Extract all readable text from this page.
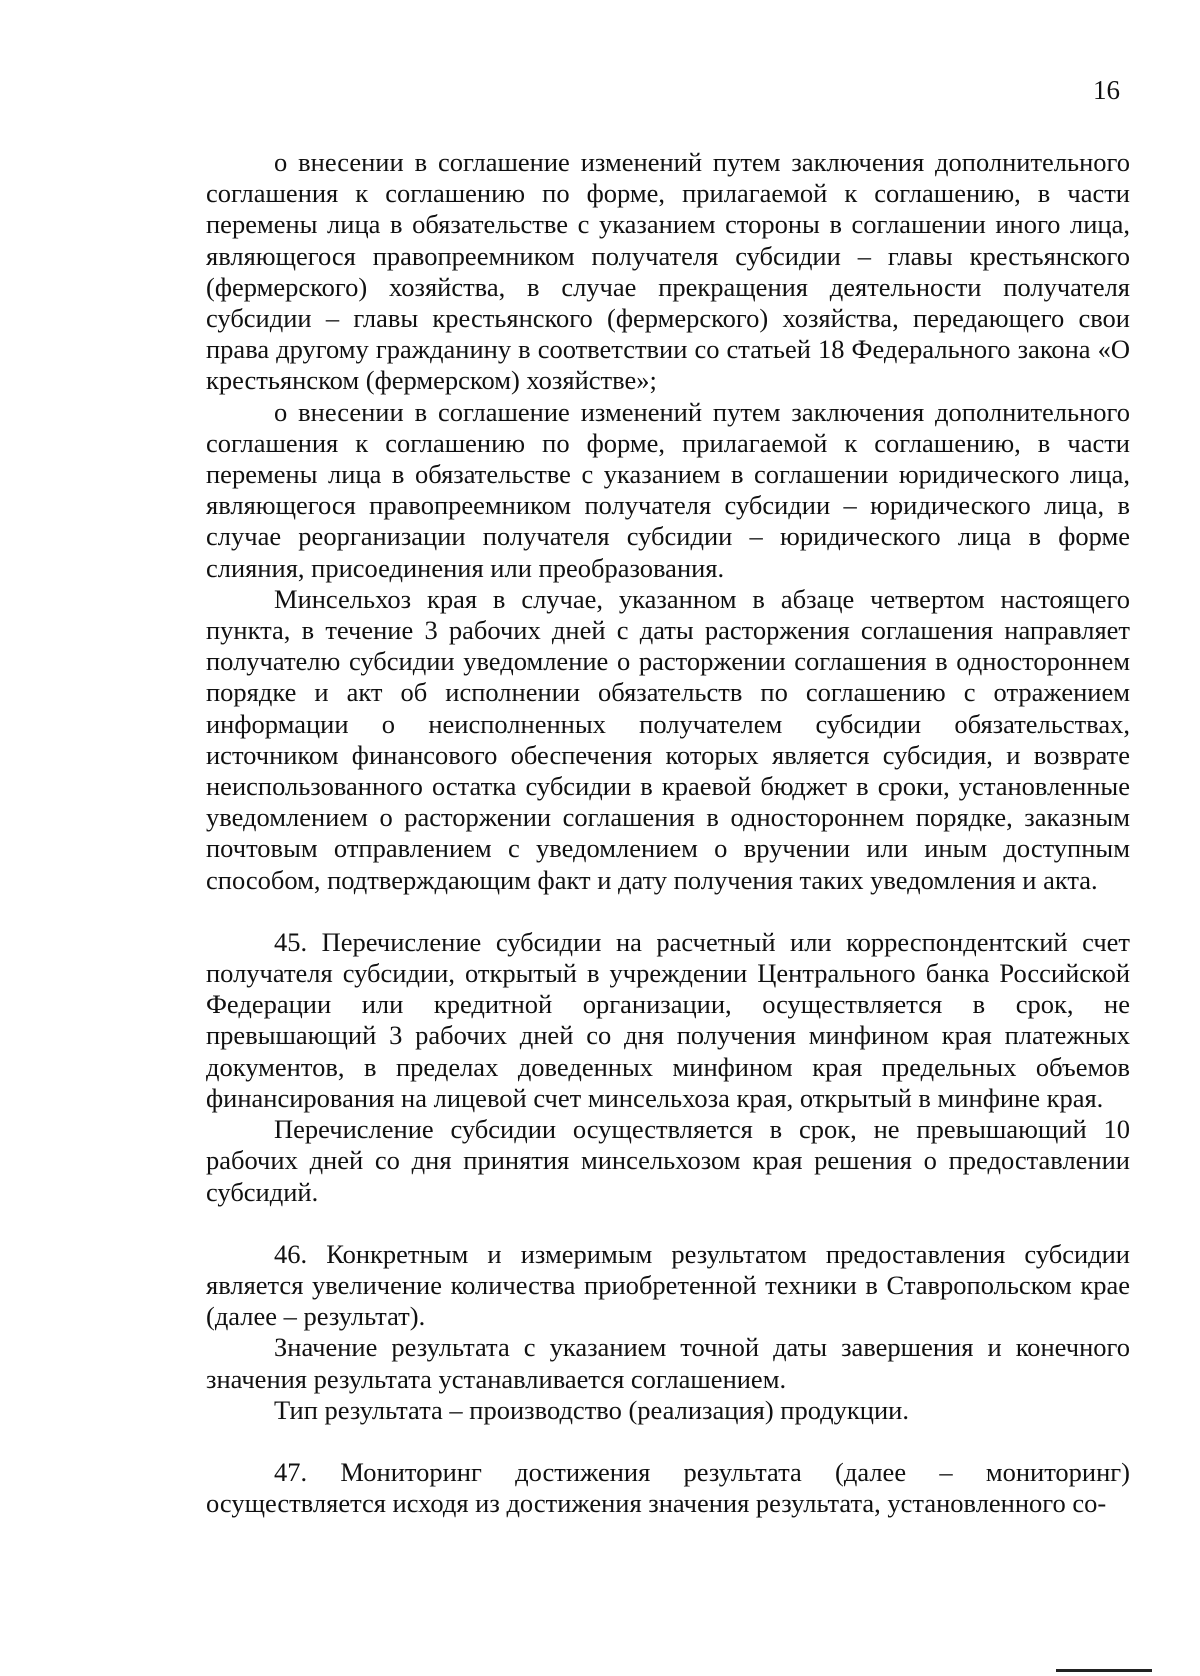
16

о внесении в соглашение изменений путем заключения дополнительного соглашения к соглашению по форме, прилагаемой к соглашению, в части перемены лица в обязательстве с указанием стороны в соглашении иного лица, являющегося правопреемником получателя субсидии – главы крестьянского (фермерского) хозяйства, в случае прекращения деятельности получателя субсидии – главы крестьянского (фермерского) хозяйства, передающего свои права другому гражданину в соответствии со статьей 18 Федерального закона «О крестьянском (фермерском) хозяйстве»;

о внесении в соглашение изменений путем заключения дополнительного соглашения к соглашению по форме, прилагаемой к соглашению, в части перемены лица в обязательстве с указанием в соглашении юридического лица, являющегося правопреемником получателя субсидии – юридического лица, в случае реорганизации получателя субсидии – юридического лица в форме слияния, присоединения или преобразования.

Минсельхоз края в случае, указанном в абзаце четвертом настоящего пункта, в течение 3 рабочих дней с даты расторжения соглашения направляет получателю субсидии уведомление о расторжении соглашения в одностороннем порядке и акт об исполнении обязательств по соглашению с отражением информации о неисполненных получателем субсидии обязательствах, источником финансового обеспечения которых является субсидия, и возврате неиспользованного остатка субсидии в краевой бюджет в сроки, установленные уведомлением о расторжении соглашения в одностороннем порядке, заказным почтовым отправлением с уведомлением о вручении или иным доступным способом, подтверждающим факт и дату получения таких уведомления и акта.

45. Перечисление субсидии на расчетный или корреспондентский счет получателя субсидии, открытый в учреждении Центрального банка Российской Федерации или кредитной организации, осуществляется в срок, не превышающий 3 рабочих дней со дня получения минфином края платежных документов, в пределах доведенных минфином края предельных объемов финансирования на лицевой счет минсельхоза края, открытый в минфине края.

Перечисление субсидии осуществляется в срок, не превышающий 10 рабочих дней со дня принятия минсельхозом края решения о предоставлении субсидий.

46. Конкретным и измеримым результатом предоставления субсидии является увеличение количества приобретенной техники в Ставропольском крае (далее – результат).

Значение результата с указанием точной даты завершения и конечного значения результата устанавливается соглашением.

Тип результата – производство (реализация) продукции.

47. Мониторинг достижения результата (далее – мониторинг) осуществляется исходя из достижения значения результата, установленного со-
